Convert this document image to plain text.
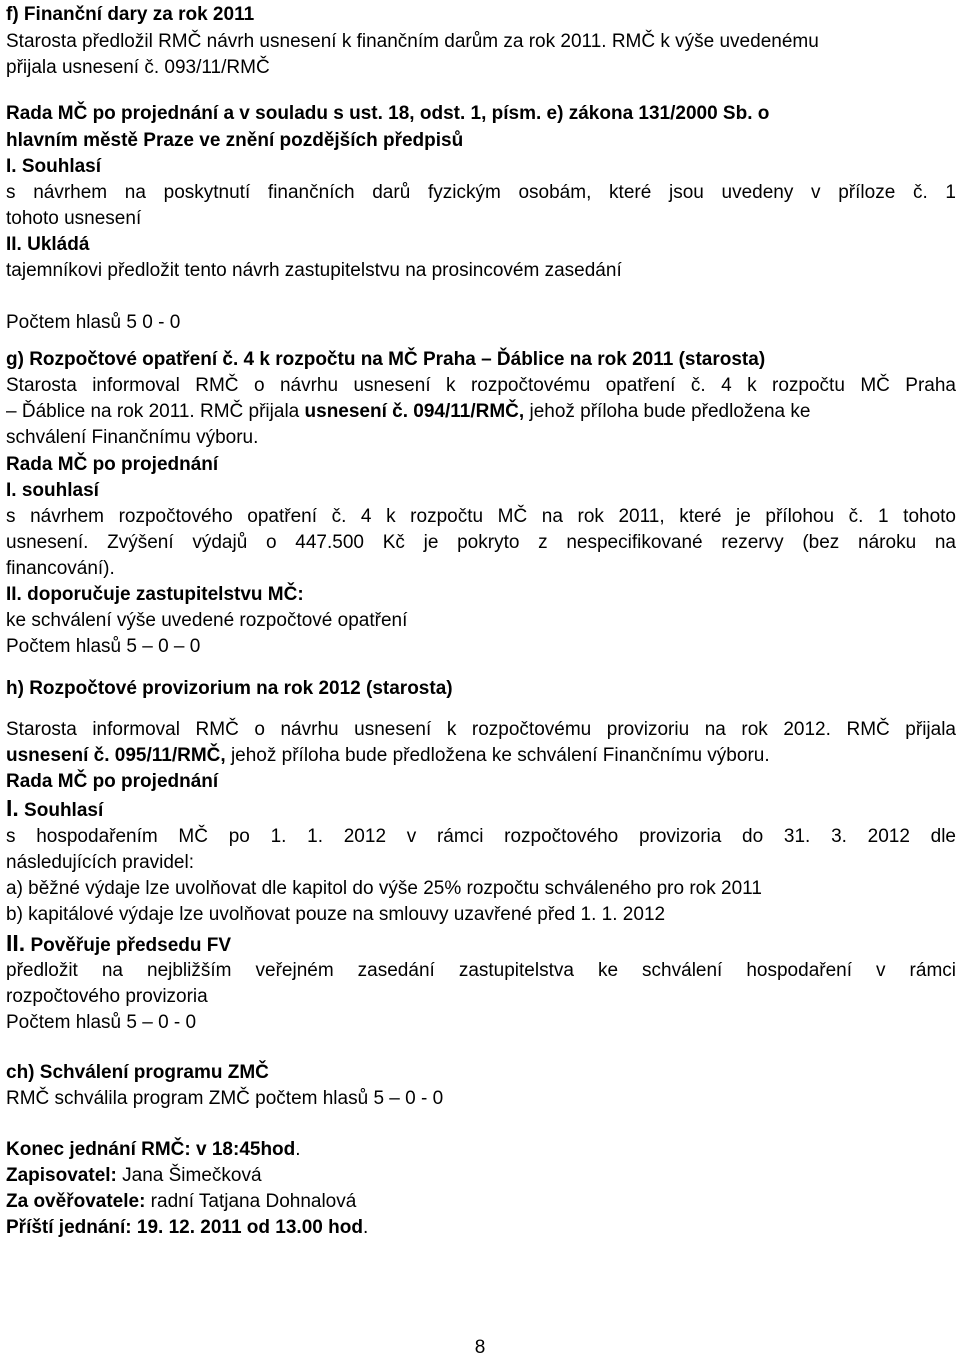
f) Finanční dary za rok 2011
Starosta předložil RMČ návrh usnesení k finančním darům za rok 2011. RMČ k výše uvedenému
přijala usnesení č. 093/11/RMČ
Rada MČ po projednání a v souladu s ust. 18, odst. 1, písm. e) zákona 131/2000 Sb. o
hlavním městě Praze ve znění pozdějších předpisů
I. Souhlasí
s návrhem na poskytnutí finančních darů fyzickým osobám, které jsou uvedeny v příloze č. 1
tohoto usnesení
II. Ukládá
tajemníkovi předložit tento návrh zastupitelstvu na prosincovém zasedání
Počtem hlasů 5 0 - 0
g) Rozpočtové opatření č. 4 k rozpočtu na MČ Praha – Ďáblice na rok 2011 (starosta)
Starosta informoval RMČ o návrhu usnesení k rozpočtovému opatření č. 4 k rozpočtu MČ Praha
– Ďáblice na rok 2011. RMČ přijala usnesení č. 094/11/RMČ, jehož příloha bude předložena ke
schválení Finančnímu výboru.
Rada MČ po projednání
I. souhlasí
s návrhem rozpočtového opatření č. 4 k rozpočtu MČ na rok 2011, které je přílohou č. 1 tohoto
usnesení. Zvýšení výdajů o 447.500 Kč je pokryto z nespecifikované rezervy (bez nároku na
financování).
II. doporučuje zastupitelstvu MČ:
ke schválení výše uvedené rozpočtové opatření
Počtem hlasů 5 – 0 – 0
h) Rozpočtové provizorium na rok 2012 (starosta)
Starosta informoval RMČ o návrhu usnesení k rozpočtovému provizoriu na rok 2012. RMČ přijala
usnesení č. 095/11/RMČ, jehož příloha bude předložena ke schválení Finančnímu výboru.
Rada MČ po projednání
I. Souhlasí
s hospodařením MČ po 1. 1. 2012 v rámci rozpočtového provizoria do 31. 3. 2012 dle
následujících pravidel:
a) běžné výdaje lze uvolňovat dle kapitol do výše 25% rozpočtu schváleného pro rok 2011
b) kapitálové výdaje lze uvolňovat pouze na smlouvy uzavřené před 1. 1. 2012
II. Pověřuje předsedu FV
předložit na nejbližším veřejném zasedání zastupitelstva ke schválení hospodaření v rámci
rozpočtového provizoria
Počtem hlasů 5 – 0 - 0
ch) Schválení programu ZMČ
RMČ schválila program ZMČ počtem hlasů 5 – 0 - 0
Konec jednání RMČ: v 18:45hod.
Zapisovatel: Jana Šimečková
Za ověřovatele: radní Tatjana Dohnalová
Příští jednání: 19. 12. 2011 od 13.00 hod.
8
